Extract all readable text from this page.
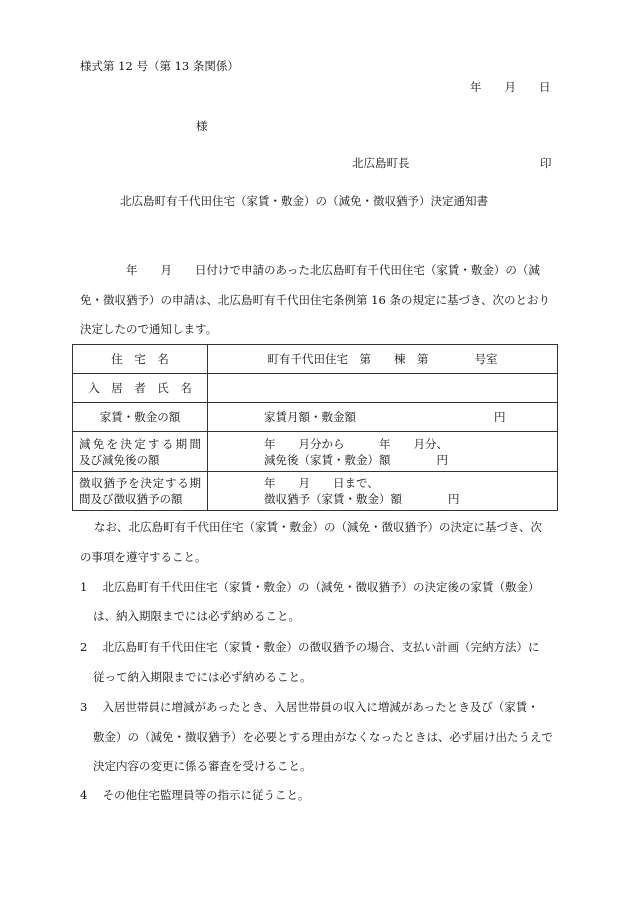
様式第 12 号（第 13 条関係）
年　　月　　日
様
北広島町長	印
北広島町有千代田住宅（家賃・敷金）の（減免・徴収猶予）決定通知書
年　　月　　日付けで申請のあった北広島町有千代田住宅（家賃・敷金）の（減
免・徴収猶予）の申請は、北広島町有千代田住宅条例第 16 条の規定に基づき、次のとおり
決定したので通知します。
住　宅　名	町有千代田住宅　第　　棟　第　　　　号室
入　居　者　氏　名	
家賃・敷金の額	家賃月額・敷金額　　　　　　　　　　　　円

減免を決定する期間
及び減免後の額	年　　月分から　　　年　　月分、
減免後（家賃・敷金）額　　　　円

徴収猶予を決定する期
間及び徴収猶予の額	年　　月　　日まで、
徴収猶予（家賃・敷金）額　　　　円
なお、北広島町有千代田住宅（家賃・敷金）の（減免・徴収猶予）の決定に基づき、次
の事項を遵守すること。
1　 北広島町有千代田住宅（家賃・敷金）の（減免・徴収猶予）の決定後の家賃（敷金）
は、納入期限までには必ず納めること。
2　 北広島町有千代田住宅（家賃・敷金）の徴収猶予の場合、支払い計画（完納方法）に
従って納入期限までには必ず納めること。
3　 入居世帯員に増減があったとき、入居世帯員の収入に増減があったとき及び（家賃・
敷金）の（減免・徴収猶予）を必要とする理由がなくなったときは、必ず届け出たうえで
決定内容の変更に係る審査を受けること。
4　 その他住宅監理員等の指示に従うこと。
